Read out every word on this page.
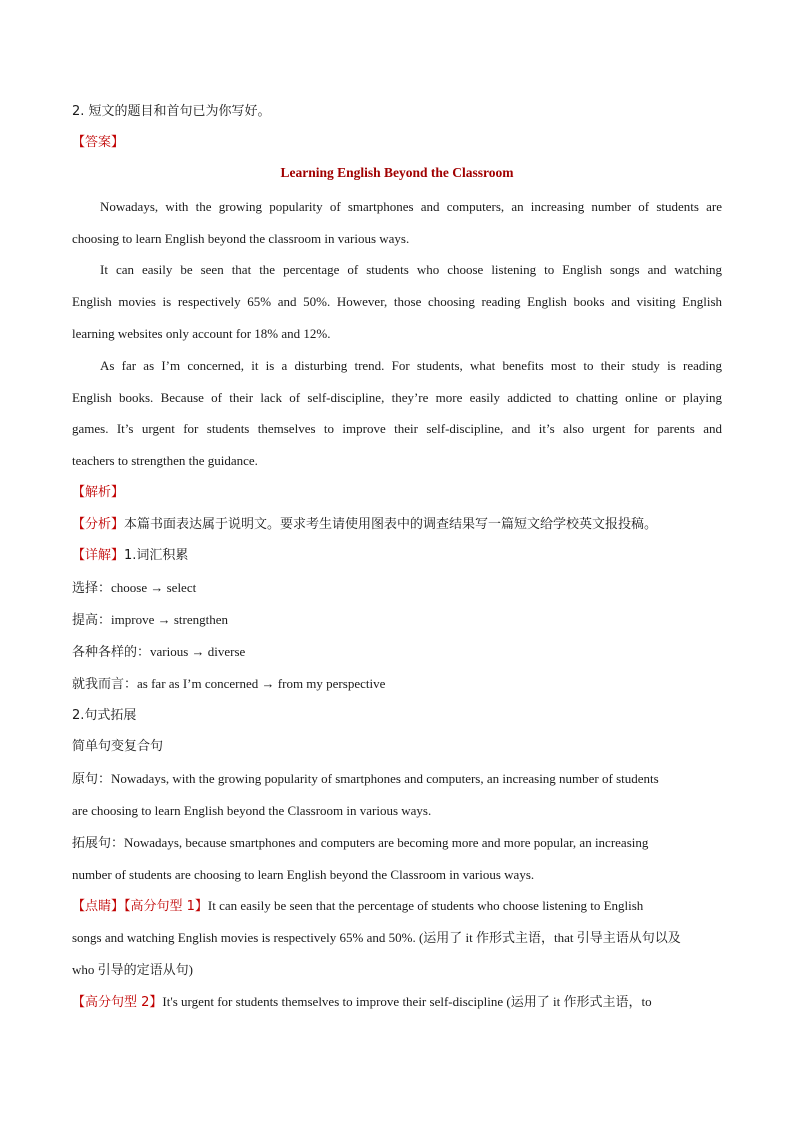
2. 短文的题目和首句已为你写好。
【答案】
Learning English Beyond the Classroom
Nowadays, with the growing popularity of smartphones and computers, an increasing number of students are
choosing to learn English beyond the classroom in various ways.
It can easily be seen that the percentage of students who choose listening to English songs and watching
English movies is respectively 65% and 50%. However, those choosing reading English books and visiting English
learning websites only account for 18% and 12%.
As far as I’m concerned, it is a disturbing trend. For students, what benefits most to their study is reading
English books. Because of their lack of self-discipline, they’re more easily addicted to chatting online or playing
games. It’s urgent for students themselves to improve their self-discipline, and it’s also urgent for parents and
teachers to strengthen the guidance.
【解析】
【分析】本篇书面表达属于说明文。要求考生请使用图表中的调查结果写一篇短文给学校英文报投稿。
【详解】1.词汇积累
选择：choose → select
提高：improve → strengthen
各种各样的：various → diverse
就我而言：as far as I’m concerned → from my perspective
2.句式拓展
简单句变复合句
原句：Nowadays, with the growing popularity of smartphones and computers, an increasing number of students
are choosing to learn English beyond the Classroom in various ways.
拓展句：Nowadays, because smartphones and computers are becoming more and more popular, an increasing
number of students are choosing to learn English beyond the Classroom in various ways.
【点睛】【高分句型 1】It can easily be seen that the percentage of students who choose listening to English
songs and watching English movies is respectively 65% and 50%. (运用了 it 作形式主语，that 引导主语从句以及
who 引导的定语从句)
【高分句型 2】It's urgent for students themselves to improve their self-discipline (运用了 it 作形式主语，to
